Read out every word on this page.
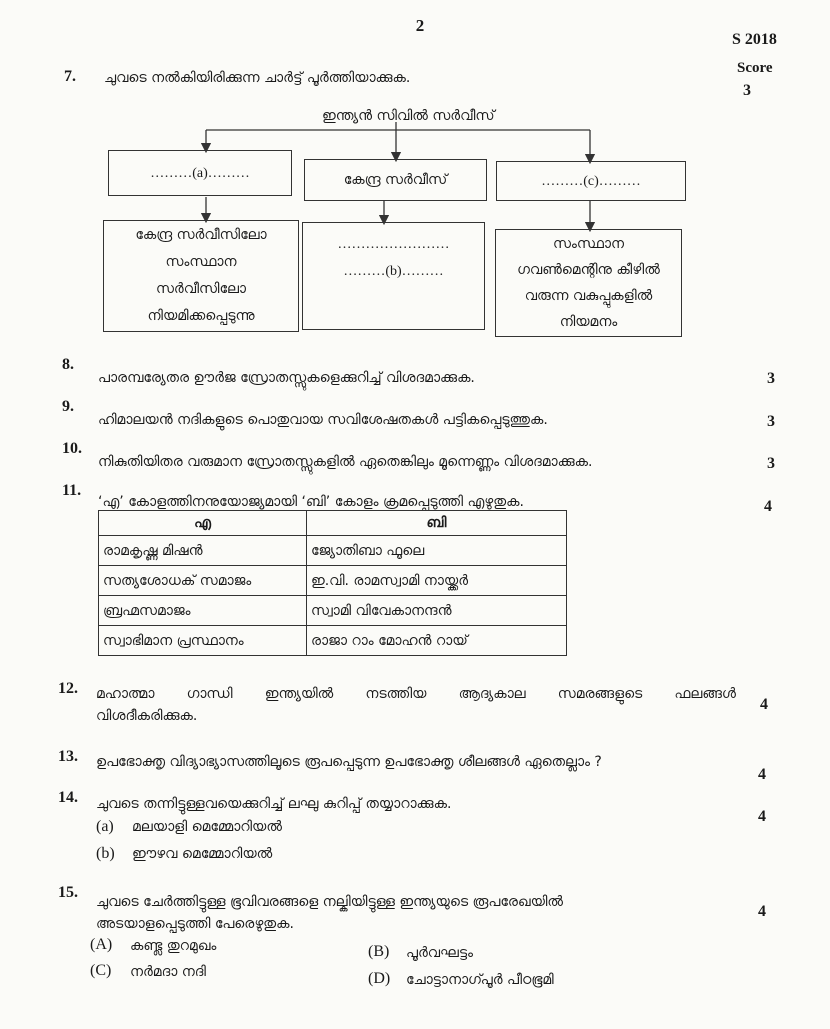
2
S 2018
Score
7. ചുവടെ നൽകിയിരിക്കുന്ന ചാർട്ട് പൂർത്തിയാക്കുക.
3
ഇന്ത്യൻ സിവിൽ സർവീസ്
………(a)………	കേന്ദ്ര സർവീസ്	………(c)………
കേന്ദ്ര സർവീസിലോ
സംസ്ഥാന
സർവീസിലോ
നിയമിക്കപ്പെടുന്നു
……………………
………(b)………
സംസ്ഥാന
ഗവൺമെന്റിനു കീഴിൽ
വരുന്ന വകുപ്പുകളിൽ
നിയമനം
8.
പാരമ്പര്യേതര ഊർജ സ്രോതസ്സുകളെക്കുറിച്ച് വിശദമാക്കുക.	3
9.
ഹിമാലയൻ നദികളുടെ പൊതുവായ സവിശേഷതകൾ പട്ടികപ്പെടുത്തുക.	3
10.
നികുതിയിതര വരുമാന സ്രോതസ്സുകളിൽ ഏതെങ്കിലും മൂന്നെണ്ണം വിശദമാക്കുക.	3
11.
‘എ’ കോളത്തിനനുയോജ്യമായി ‘ബി’ കോളം ക്രമപ്പെടുത്തി എഴുതുക.	4
എ	ബി
രാമകൃഷ്ണ മിഷൻ	ജ്യോതിബാ ഫൂലെ
സത്യശോധക് സമാജം	ഇ.വി. രാമസ്വാമി നായ്ക്കർ
ബ്രഹ്മസമാജം	സ്വാമി വിവേകാനന്ദൻ
സ്വാഭിമാന പ്രസ്ഥാനം	രാജാ റാം മോഹൻ റായ്
12. മഹാത്മാ ഗാന്ധി ഇന്ത്യയിൽ നടത്തിയ ആദ്യകാല സമരങ്ങളുടെ ഫലങ്ങൾ
വിശദീകരിക്കുക.
4
13. ഉപഭോക്തൃ വിദ്യാഭ്യാസത്തിലൂടെ രൂപപ്പെടുന്ന ഉപഭോക്തൃ ശീലങ്ങൾ ഏതെല്ലാം ?
4
14. ചുവടെ തന്നിട്ടുള്ളവയെക്കുറിച്ച് ലഘു കുറിപ്പ് തയ്യാറാക്കുക.
4
(a) മലയാളി മെമ്മോറിയൽ
(b) ഈഴവ മെമ്മോറിയൽ
15.
ചുവടെ ചേർത്തിട്ടുള്ള ഭൂവിവരങ്ങളെ നല്കിയിട്ടുള്ള ഇന്ത്യയുടെ രൂപരേഖയിൽ
അടയാളപ്പെടുത്തി പേരെഴുതുക.
4
(A) കണ്ട്ല തുറമുഖം	(B) പൂർവഘട്ടം
(C) നർമദാ നദി	(D) ചോട്ടാനാഗ്പൂർ പീഠഭൂമി
